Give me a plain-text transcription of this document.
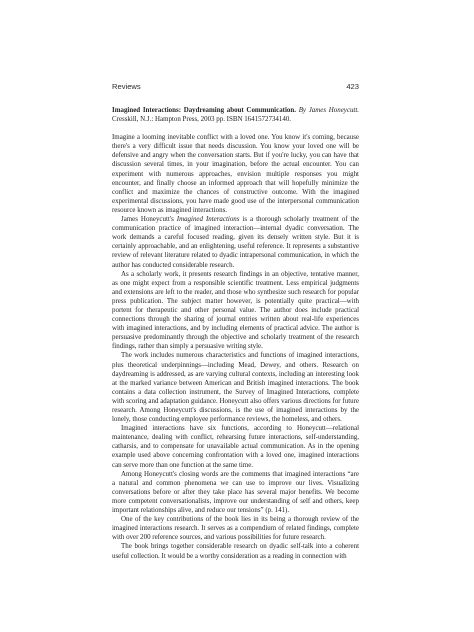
Reviews	423
Imagined Interactions: Daydreaming about Communication. By James Honeycutt. Cresskill, N.J.: Hampton Press, 2003 pp. ISBN 1641572734140.

Imagine a looming inevitable conflict with a loved one. You know it's coming, because there's a very difficult issue that needs discussion. You know your loved one will be defensive and angry when the conversation starts. But if you're lucky, you can have that discussion several times, in your imagination, before the actual encounter. You can experiment with numerous approaches, envision multiple responses you might encounter, and finally choose an informed approach that will hopefully minimize the conflict and maximize the chances of constructive outcome. With the imagined experimental discussions, you have made good use of the interpersonal communication resource known as imagined interactions.

James Honeycutt's Imagined Interactions is a thorough scholarly treatment of the communication practice of imagined interaction—internal dyadic conversation. The work demands a careful focused reading, given its densely written style. But it is certainly approachable, and an enlightening, useful reference. It represents a substantive review of relevant literature related to dyadic intrapersonal communication, in which the author has conducted considerable research.

As a scholarly work, it presents research findings in an objective, tentative manner, as one might expect from a responsible scientific treatment. Less empirical judgments and extensions are left to the reader, and those who synthesize such research for popular press publication. The subject matter however, is potentially quite practical—with portent for therapeutic and other personal value. The author does include practical connections through the sharing of journal entries written about real-life experiences with imagined interactions, and by including elements of practical advice. The author is persuasive predominantly through the objective and scholarly treatment of the research findings, rather than simply a persuasive writing style.

The work includes numerous characteristics and functions of imagined interactions, plus theoretical underpinnings—including Mead, Dewey, and others. Research on daydreaming is addressed, as are varying cultural contexts, including an interesting look at the marked variance between American and British imagined interactions. The book contains a data collection instrument, the Survey of Imagined Interactions, complete with scoring and adaptation guidance. Honeycutt also offers various directions for future research. Among Honeycutt's discussions, is the use of imagined interactions by the lonely, those conducting employee performance reviews, the homeless, and others.

Imagined interactions have six functions, according to Honeycutt—relational maintenance, dealing with conflict, rehearsing future interactions, self-understanding, catharsis, and to compensate for unavailable actual communication. As in the opening example used above concerning confrontation with a loved one, imagined interactions can serve more than one function at the same time.

Among Honeycutt's closing words are the comments that imagined interactions “are a natural and common phenomena we can use to improve our lives. Visualizing conversations before or after they take place has several major benefits. We become more competent conversationalists, improve our understanding of self and others, keep important relationships alive, and reduce our tensions” (p. 141).

One of the key contributions of the book lies in its being a thorough review of the imagined interactions research. It serves as a compendium of related findings, complete with over 200 reference sources, and various possibilities for future research.

The book brings together considerable research on dyadic self-talk into a coherent useful collection. It would be a worthy consideration as a reading in connection with
